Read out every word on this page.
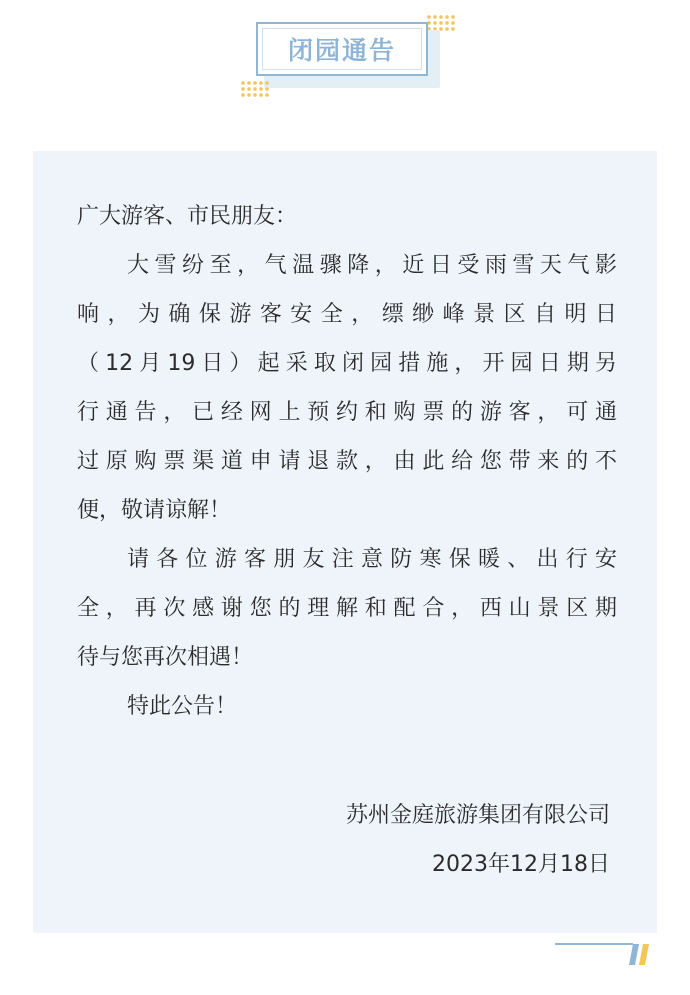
闭园通告
广大游客、市民朋友：
大雪纷至，气温骤降，近日受雨雪天气影
响，为确保游客安全，缥缈峰景区自明日
（12月19日）起采取闭园措施，开园日期另
行通告，已经网上预约和购票的游客，可通
过原购票渠道申请退款，由此给您带来的不
便，敬请谅解！
请各位游客朋友注意防寒保暖、出行安
全，再次感谢您的理解和配合，西山景区期
待与您再次相遇！
特此公告！
苏州金庭旅游集团有限公司
2023年12月18日
